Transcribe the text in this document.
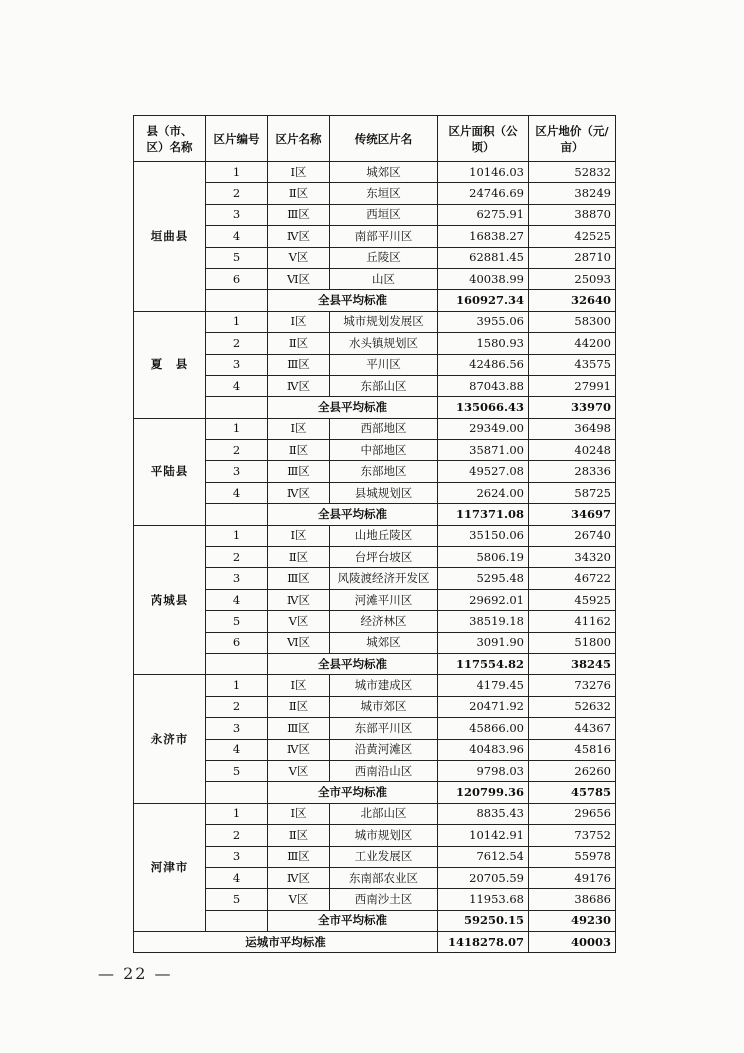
县（市、区）名称	区片编号	区片名称	传统区片名	区片面积（公顷）	区片地价（元/亩）
垣曲县	1	Ⅰ区	城郊区	10146.03	52832
	2	Ⅱ区	东垣区	24746.69	38249
	3	Ⅲ区	西垣区	6275.91	38870
	4	Ⅳ区	南部平川区	16838.27	42525
	5	Ⅴ区	丘陵区	62881.45	28710
	6	Ⅵ区	山区	40038.99	25093
		全县平均标准		160927.34	32640
夏　县	1	Ⅰ区	城市规划发展区	3955.06	58300
	2	Ⅱ区	水头镇规划区	1580.93	44200
	3	Ⅲ区	平川区	42486.56	43575
	4	Ⅳ区	东部山区	87043.88	27991
		全县平均标准		135066.43	33970
平陆县	1	Ⅰ区	西部地区	29349.00	36498
	2	Ⅱ区	中部地区	35871.00	40248
	3	Ⅲ区	东部地区	49527.08	28336
	4	Ⅳ区	县城规划区	2624.00	58725
		全县平均标准		117371.08	34697
芮城县	1	Ⅰ区	山地丘陵区	35150.06	26740
	2	Ⅱ区	台坪台坡区	5806.19	34320
	3	Ⅲ区	风陵渡经济开发区	5295.48	46722
	4	Ⅳ区	河滩平川区	29692.01	45925
	5	Ⅴ区	经济林区	38519.18	41162
	6	Ⅵ区	城郊区	3091.90	51800
		全县平均标准		117554.82	38245
永济市	1	Ⅰ区	城市建成区	4179.45	73276
	2	Ⅱ区	城市郊区	20471.92	52632
	3	Ⅲ区	东部平川区	45866.00	44367
	4	Ⅳ区	沿黄河滩区	40483.96	45816
	5	Ⅴ区	西南沿山区	9798.03	26260
		全市平均标准		120799.36	45785
河津市	1	Ⅰ区	北部山区	8835.43	29656
	2	Ⅱ区	城市规划区	10142.91	73752
	3	Ⅲ区	工业发展区	7612.54	55978
	4	Ⅳ区	东南部农业区	20705.59	49176
	5	Ⅴ区	西南沙土区	11953.68	38686
		全市平均标准		59250.15	49230
运城市平均标准				1418278.07	40003
— 22 —
